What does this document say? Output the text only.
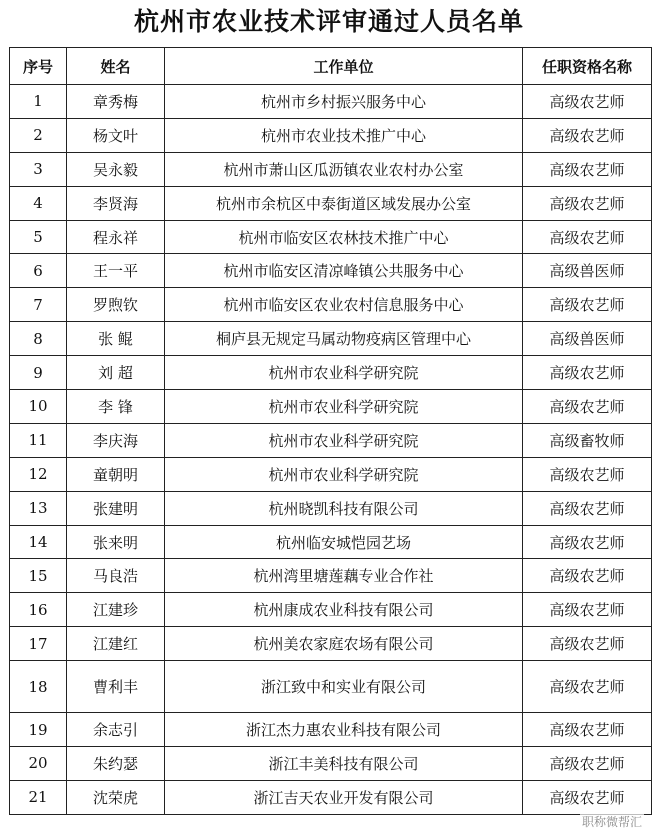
杭州市农业技术评审通过人员名单
序号	姓名	工作单位	任职资格名称
1	章秀梅	杭州市乡村振兴服务中心	高级农艺师
2	杨文叶	杭州市农业技术推广中心	高级农艺师
3	吴永毅	杭州市萧山区瓜沥镇农业农村办公室	高级农艺师
4	李贤海	杭州市余杭区中泰街道区域发展办公室	高级农艺师
5	程永祥	杭州市临安区农林技术推广中心	高级农艺师
6	王一平	杭州市临安区清凉峰镇公共服务中心	高级兽医师
7	罗煦钦	杭州市临安区农业农村信息服务中心	高级农艺师
8	张 鲲	桐庐县无规定马属动物疫病区管理中心	高级兽医师
9	刘 超	杭州市农业科学研究院	高级农艺师
10	李 锋	杭州市农业科学研究院	高级农艺师
11	李庆海	杭州市农业科学研究院	高级畜牧师
12	童朝明	杭州市农业科学研究院	高级农艺师
13	张建明	杭州晓凯科技有限公司	高级农艺师
14	张来明	杭州临安城恺园艺场	高级农艺师
15	马良浩	杭州湾里塘莲藕专业合作社	高级农艺师
16	江建珍	杭州康成农业科技有限公司	高级农艺师
17	江建红	杭州美农家庭农场有限公司	高级农艺师
18	曹利丰	浙江致中和实业有限公司	高级农艺师
19	余志引	浙江杰力惠农业科技有限公司	高级农艺师
20	朱约瑟	浙江丰美科技有限公司	高级农艺师
21	沈荣虎	浙江吉天农业开发有限公司	高级农艺师
职称微帮汇
